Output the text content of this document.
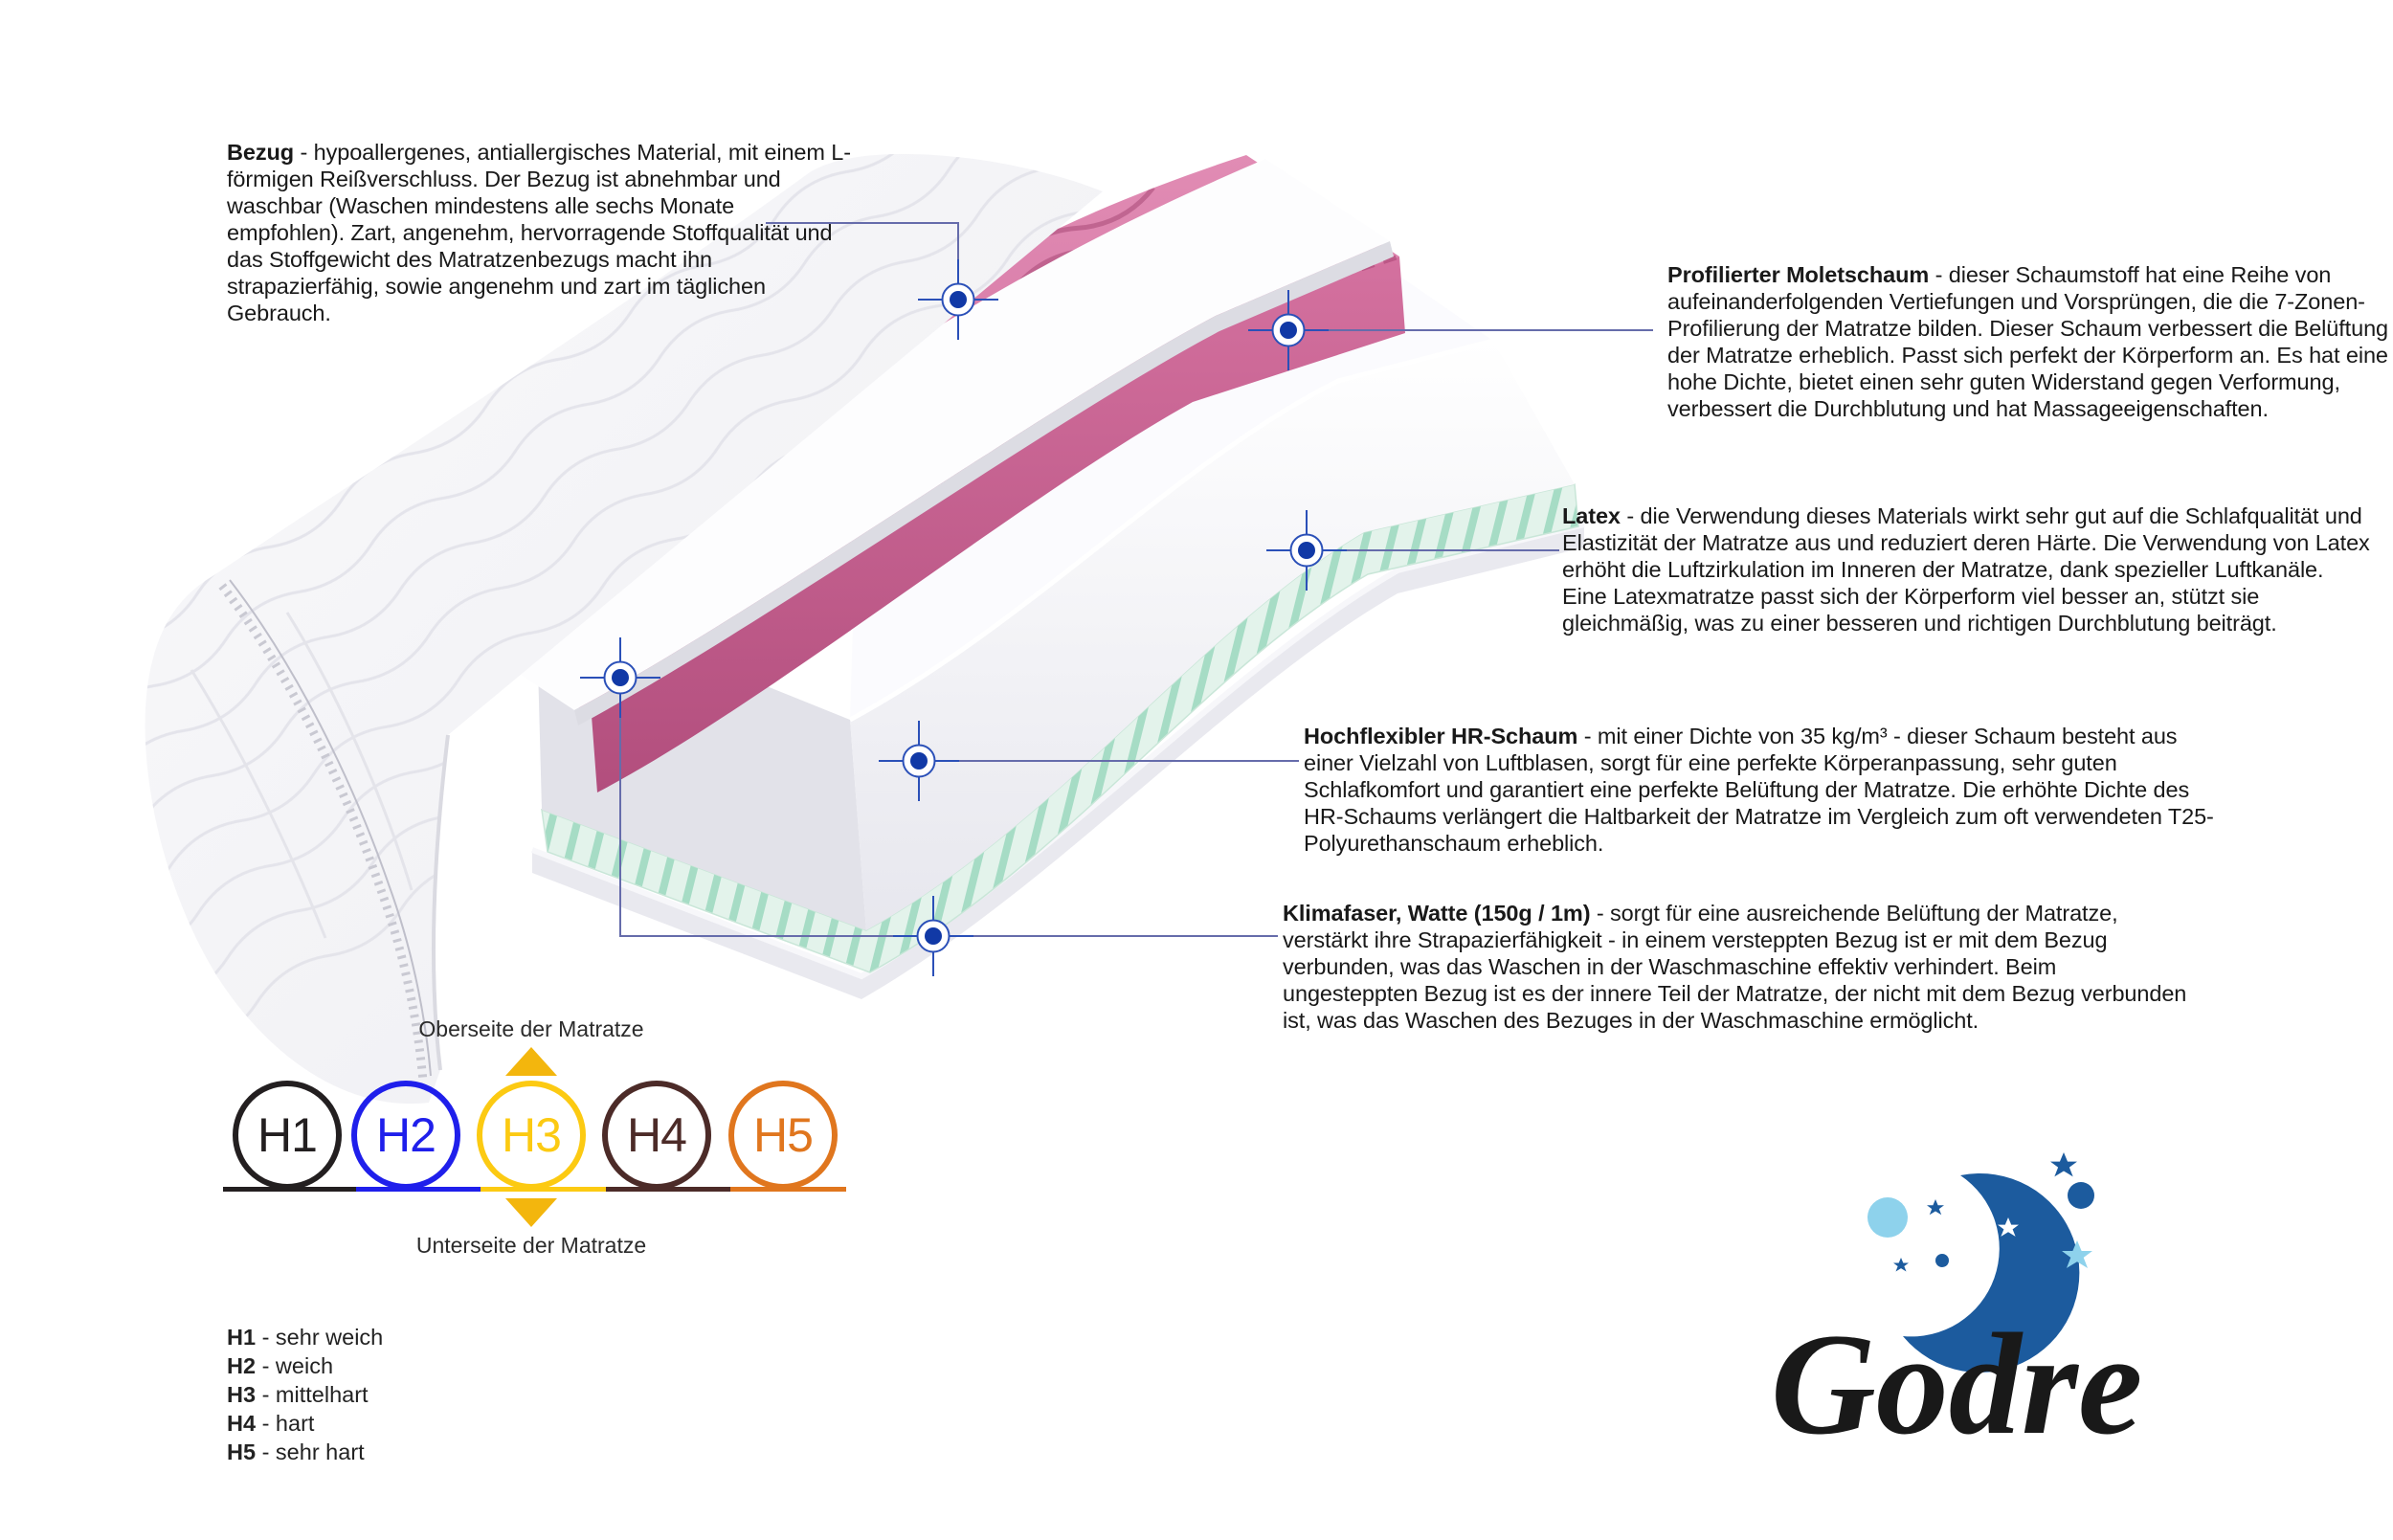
Godre

Bezug - hypoallergenes, antiallergisches Material, mit einem L-förmigen Reißverschluss. Der Bezug ist abnehmbar und waschbar (Waschen mindestens alle sechs Monate empfohlen). Zart, angenehm, hervorragende Stoffqualität und das Stoffgewicht des Matratzenbezugs macht ihn strapazierfähig, sowie angenehm und zart im täglichen Gebrauch.

Profilierter Moletschaum - dieser Schaumstoff hat eine Reihe von aufeinanderfolgenden Vertiefungen und Vorsprüngen, die die 7-Zonen-Profilierung der Matratze bilden. Dieser Schaum verbessert die Belüftung der Matratze erheblich. Passt sich perfekt der Körperform an. Es hat eine hohe Dichte, bietet einen sehr guten Widerstand gegen Verformung, verbessert die Durchblutung und hat Massageeigenschaften.

Latex - die Verwendung dieses Materials wirkt sehr gut auf die Schlafqualität und Elastizität der Matratze aus und reduziert deren Härte. Die Verwendung von Latex erhöht die Luftzirkulation im Inneren der Matratze, dank spezieller Luftkanäle. Eine Latexmatratze passt sich der Körperform viel besser an, stützt sie gleichmäßig, was zu einer besseren und richtigen Durchblutung beiträgt.

Hochflexibler HR-Schaum - mit einer Dichte von 35 kg/m³ - dieser Schaum besteht aus einer Vielzahl von Luftblasen, sorgt für eine perfekte Körperanpassung, sehr guten Schlafkomfort und garantiert eine perfekte Belüftung der Matratze. Die erhöhte Dichte des HR-Schaums verlängert die Haltbarkeit der Matratze im Vergleich zum oft verwendeten T25-Polyurethanschaum erheblich.

Klimafaser, Watte (150g / 1m) - sorgt für eine ausreichende Belüftung der Matratze, verstärkt ihre Strapazierfähigkeit - in einem versteppten Bezug ist er mit dem Bezug verbunden, was das Waschen in der Waschmaschine effektiv verhindert. Beim ungesteppten Bezug ist es der innere Teil der Matratze, der nicht mit dem Bezug verbunden ist, was das Waschen des Bezuges in der Waschmaschine ermöglicht.

Oberseite der Matratze
H1 H2 H3 H4 H5
Unterseite der Matratze
H1 - sehr weich
H2 - weich
H3 - mittelhart
H4 - hart
H5 - sehr hart
